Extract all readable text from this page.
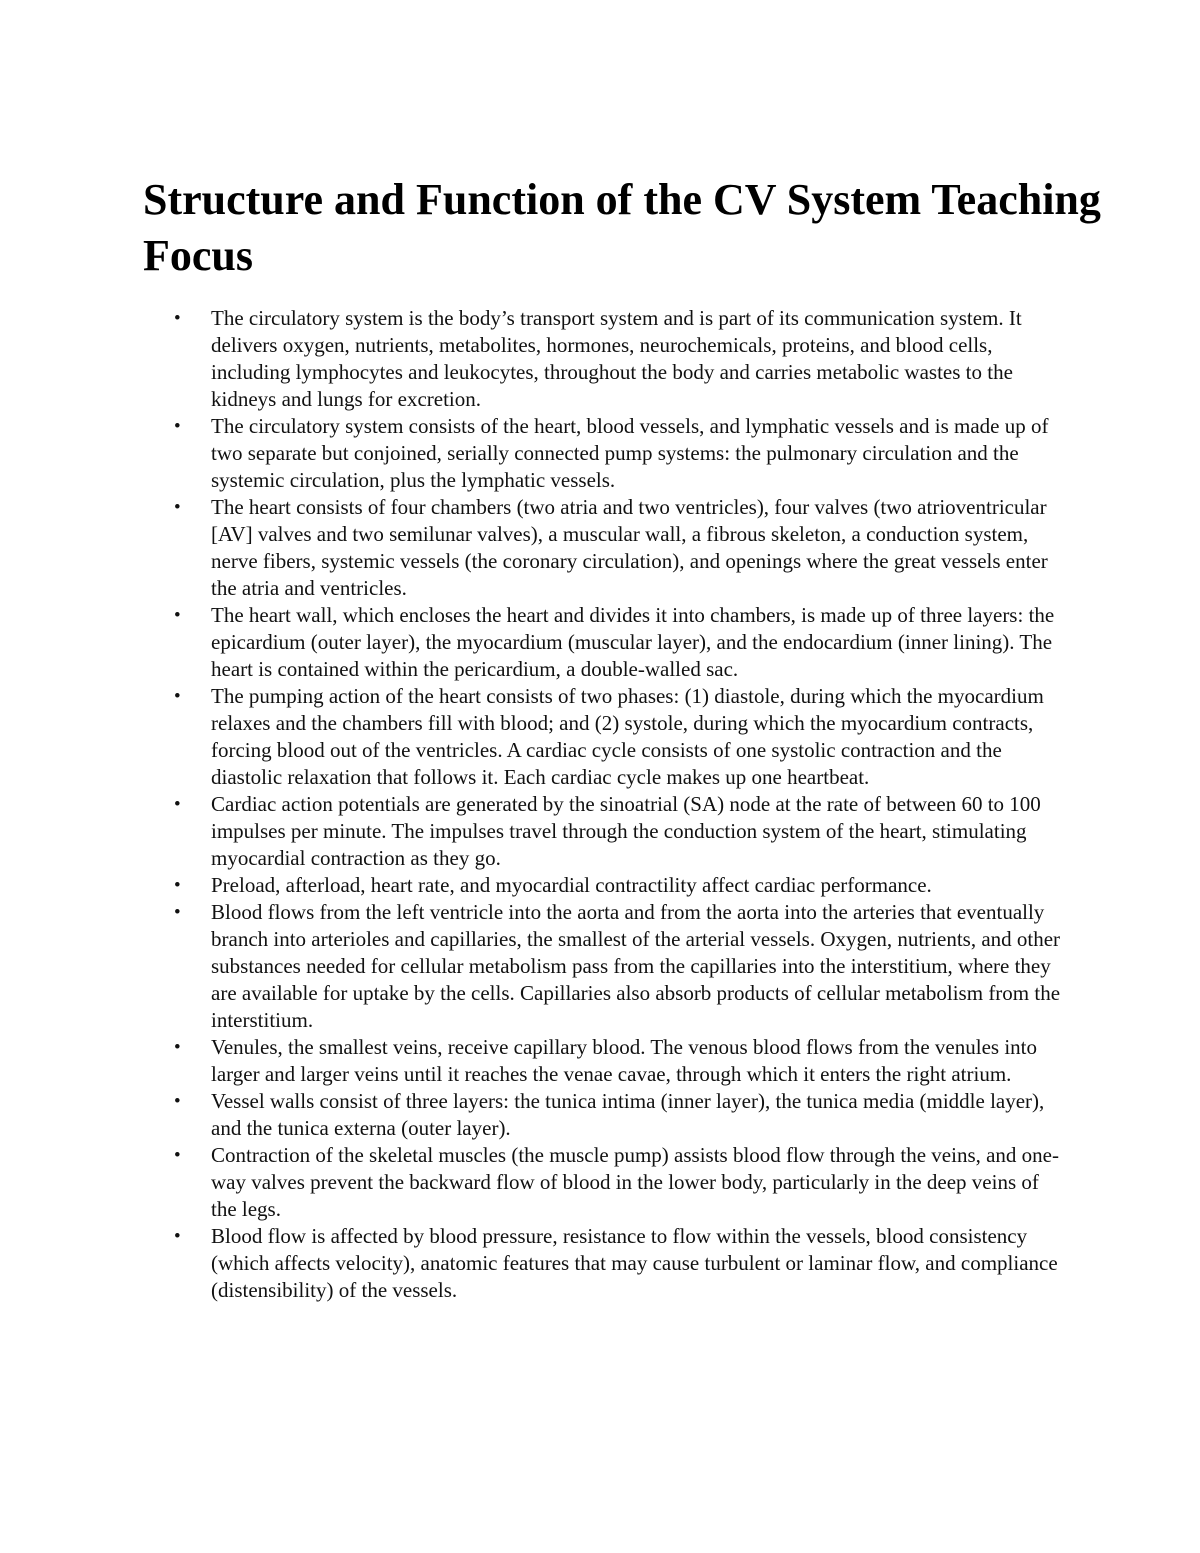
Structure and Function of the CV System Teaching Focus
• The circulatory system is the body’s transport system and is part of its communication system. It delivers oxygen, nutrients, metabolites, hormones, neurochemicals, proteins, and blood cells, including lymphocytes and leukocytes, throughout the body and carries metabolic wastes to the kidneys and lungs for excretion.
• The circulatory system consists of the heart, blood vessels, and lymphatic vessels and is made up of two separate but conjoined, serially connected pump systems: the pulmonary circulation and the systemic circulation, plus the lymphatic vessels.
• The heart consists of four chambers (two atria and two ventricles), four valves (two atrioventricular [AV] valves and two semilunar valves), a muscular wall, a fibrous skeleton, a conduction system, nerve fibers, systemic vessels (the coronary circulation), and openings where the great vessels enter the atria and ventricles.
• The heart wall, which encloses the heart and divides it into chambers, is made up of three layers: the epicardium (outer layer), the myocardium (muscular layer), and the endocardium (inner lining). The heart is contained within the pericardium, a double-walled sac.
• The pumping action of the heart consists of two phases: (1) diastole, during which the myocardium relaxes and the chambers fill with blood; and (2) systole, during which the myocardium contracts, forcing blood out of the ventricles. A cardiac cycle consists of one systolic contraction and the diastolic relaxation that follows it. Each cardiac cycle makes up one heartbeat.
• Cardiac action potentials are generated by the sinoatrial (SA) node at the rate of between 60 to 100 impulses per minute. The impulses travel through the conduction system of the heart, stimulating myocardial contraction as they go.
• Preload, afterload, heart rate, and myocardial contractility affect cardiac performance.
• Blood flows from the left ventricle into the aorta and from the aorta into the arteries that eventually branch into arterioles and capillaries, the smallest of the arterial vessels. Oxygen, nutrients, and other substances needed for cellular metabolism pass from the capillaries into the interstitium, where they are available for uptake by the cells. Capillaries also absorb products of cellular metabolism from the interstitium.
• Venules, the smallest veins, receive capillary blood. The venous blood flows from the venules into larger and larger veins until it reaches the venae cavae, through which it enters the right atrium.
• Vessel walls consist of three layers: the tunica intima (inner layer), the tunica media (middle layer), and the tunica externa (outer layer).
• Contraction of the skeletal muscles (the muscle pump) assists blood flow through the veins, and one-way valves prevent the backward flow of blood in the lower body, particularly in the deep veins of the legs.
• Blood flow is affected by blood pressure, resistance to flow within the vessels, blood consistency (which affects velocity), anatomic features that may cause turbulent or laminar flow, and compliance (distensibility) of the vessels.
